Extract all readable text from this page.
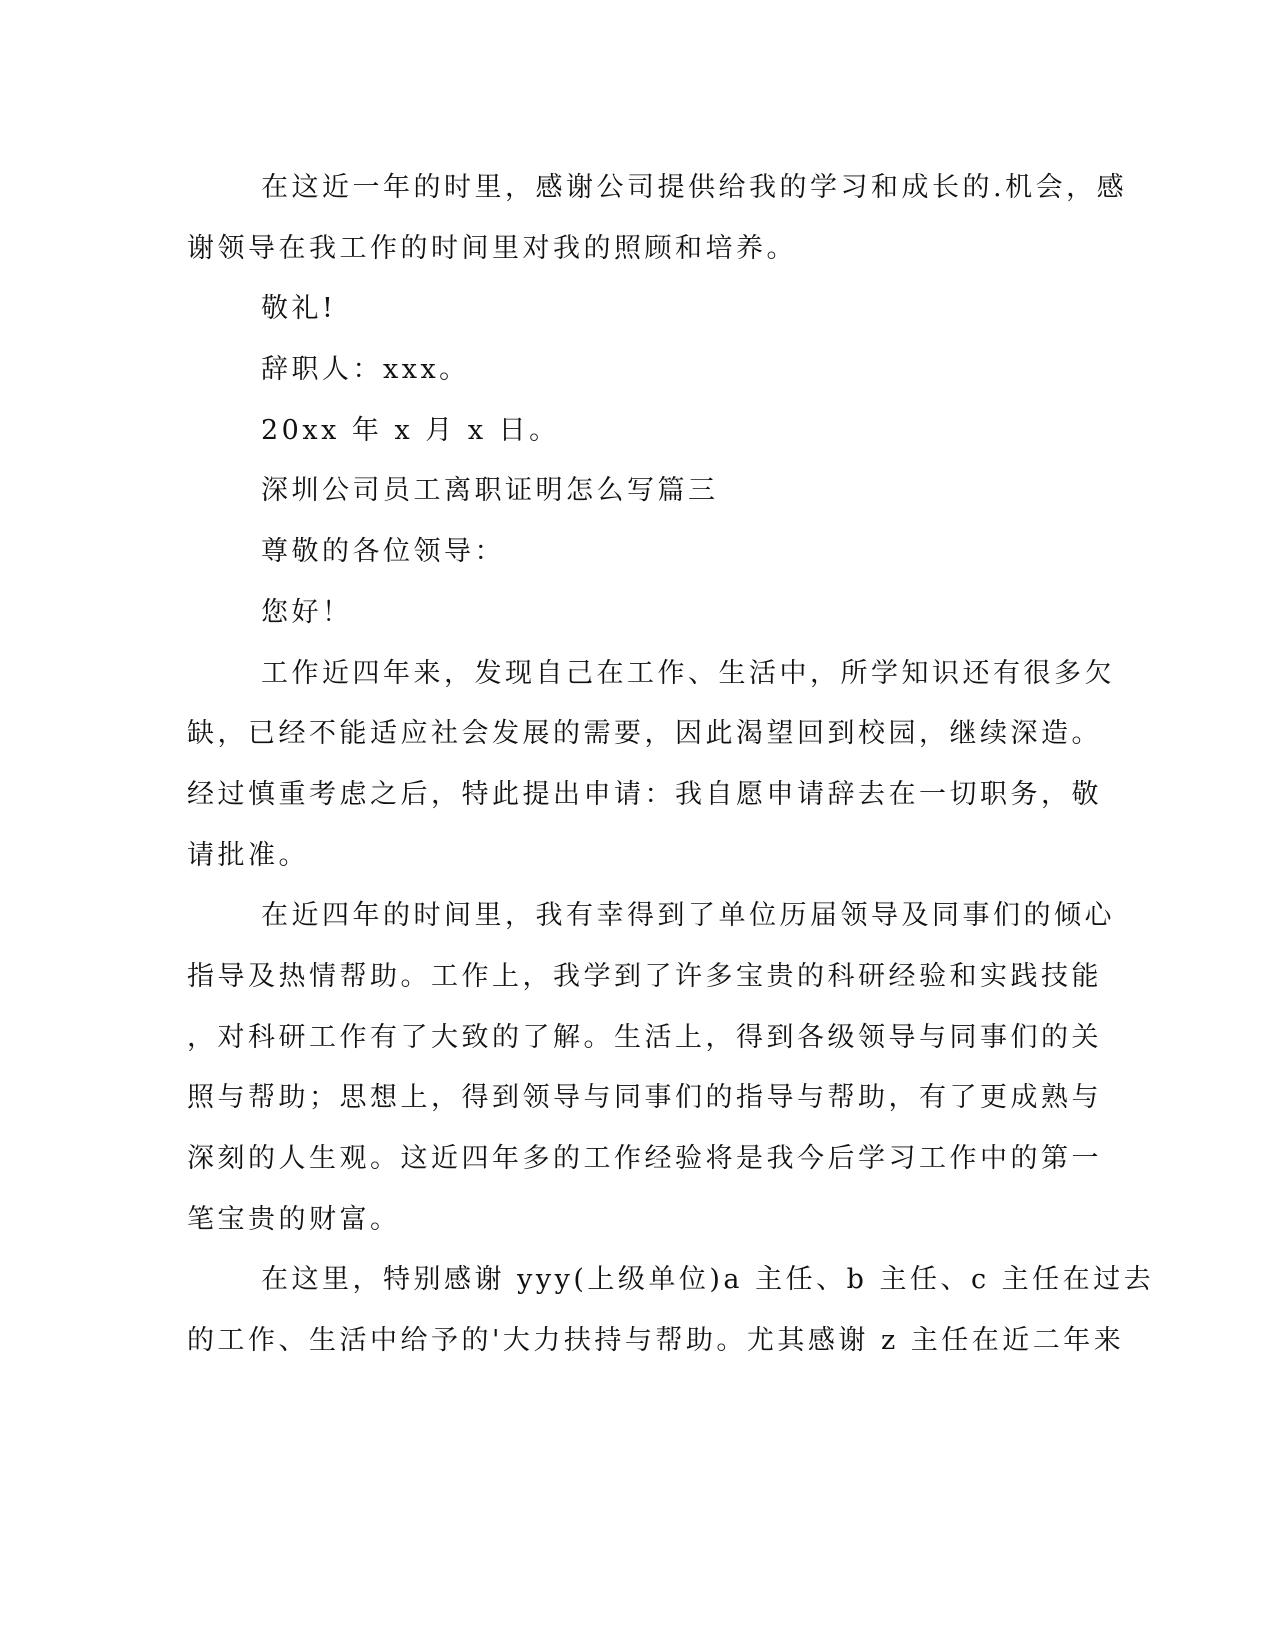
在这近一年的时里，感谢公司提供给我的学习和成长的.机会，感
谢领导在我工作的时间里对我的照顾和培养。
敬礼!
辞职人：xxx。
20xx 年 x 月 x 日。
深圳公司员工离职证明怎么写篇三
尊敬的各位领导：
您好！
工作近四年来，发现自己在工作、生活中，所学知识还有很多欠
缺，已经不能适应社会发展的需要，因此渴望回到校园，继续深造。
经过慎重考虑之后，特此提出申请：我自愿申请辞去在一切职务，敬
请批准。
在近四年的时间里，我有幸得到了单位历届领导及同事们的倾心
指导及热情帮助。工作上，我学到了许多宝贵的科研经验和实践技能
，对科研工作有了大致的了解。生活上，得到各级领导与同事们的关
照与帮助；思想上，得到领导与同事们的指导与帮助，有了更成熟与
深刻的人生观。这近四年多的工作经验将是我今后学习工作中的第一
笔宝贵的财富。
在这里，特别感谢 yyy(上级单位)a 主任、b 主任、c 主任在过去
的工作、生活中给予的'大力扶持与帮助。尤其感谢 z 主任在近二年来
